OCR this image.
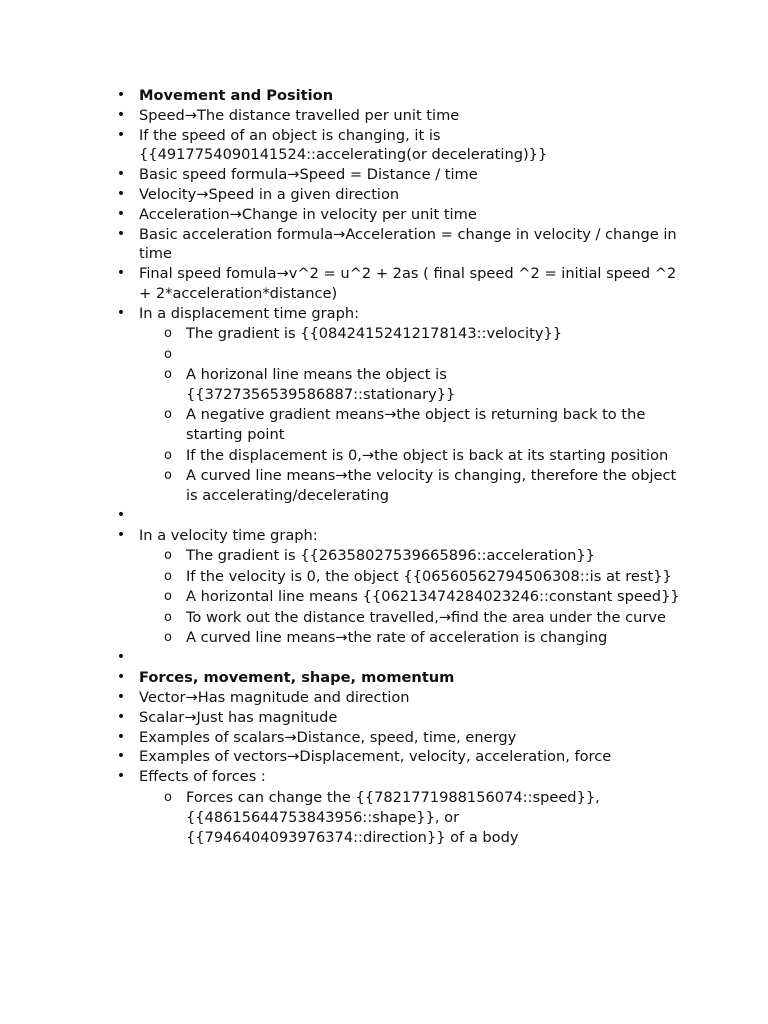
• Movement and Position
• Speed→The distance travelled per unit time
• If the speed of an object is changing, it is {{4917754090141524::accelerating(or decelerating)}}
• Basic speed formula→Speed = Distance / time
• Velocity→Speed in a given direction
• Acceleration→Change in velocity per unit time
• Basic acceleration formula→Acceleration = change in velocity / change in time
• Final speed fomula→v^2 = u^2 + 2as ( final speed ^2 = initial speed ^2 + 2*acceleration*distance)
• In a displacement time graph:
o The gradient is {{08424152412178143::velocity}}
o
o A horizonal line means the object is {{3727356539586887::stationary}}
o A negative gradient means→the object is returning back to the starting point
o If the displacement is 0,→the object is back at its starting position
o A curved line means→the velocity is changing, therefore the object is accelerating/decelerating
•
• In a velocity time graph:
o The gradient is {{26358027539665896::acceleration}}
o If the velocity is 0, the object {{06560562794506308::is at rest}}
o A horizontal line means {{06213474284023246::constant speed}}
o To work out the distance travelled,→find the area under the curve
o A curved line means→the rate of acceleration is changing
•
• Forces, movement, shape, momentum
• Vector→Has magnitude and direction
• Scalar→Just has magnitude
• Examples of scalars→Distance, speed, time, energy
• Examples of vectors→Displacement, velocity, acceleration, force
• Effects of forces :
o Forces can change the {{7821771988156074::speed}}, {{48615644753843956::shape}}, or {{7946404093976374::direction}} of a body
